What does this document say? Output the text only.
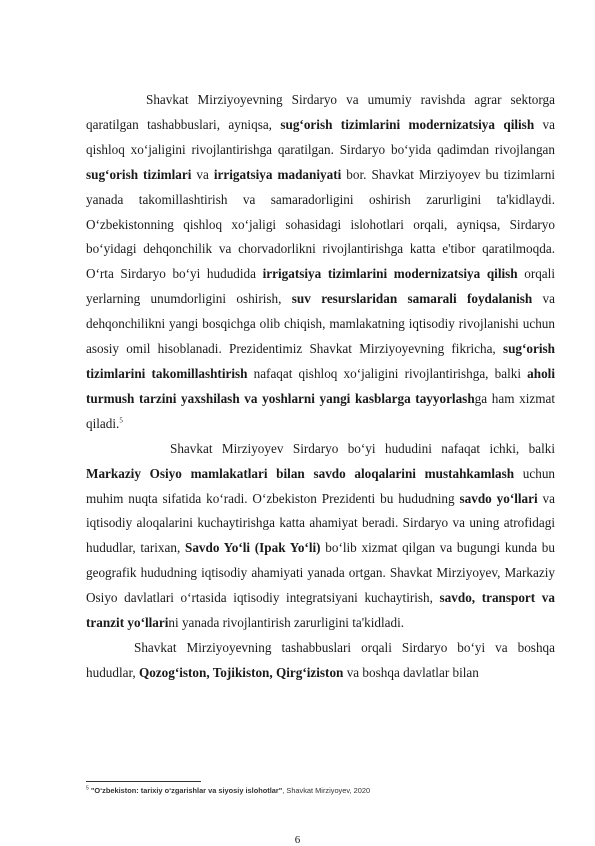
Shavkat Mirziyoyevning Sirdaryo va umumiy ravishda agrar sektorga qaratilgan tashabbuslari, ayniqsa, sug‘orish tizimlarini modernizatsiya qilish va qishloq xo‘jaligini rivojlantirishga qaratilgan. Sirdaryo bo‘yida qadimdan rivojlangan sug‘orish tizimlari va irrigatsiya madaniyati bor. Shavkat Mirziyoyev bu tizimlarni yanada takomillashtirish va samaradorligini oshirish zarurligini ta'kidlaydi. O‘zbekistonning qishloq xo‘jaligi sohasidagi islohotlari orqali, ayniqsa, Sirdaryo bo‘yidagi dehqonchilik va chorvadorlikni rivojlantirishga katta e'tibor qaratilmoqda. O‘rta Sirdaryo bo‘yi hududida irrigatsiya tizimlarini modernizatsiya qilish orqali yerlarning unumdorligini oshirish, suv resurslaridan samarali foydalanish va dehqonchilikni yangi bosqichga olib chiqish, mamlakatning iqtisodiy rivojlanishi uchun asosiy omil hisoblanadi. Prezidentimiz Shavkat Mirziyoyevning fikricha, sug‘orish tizimlarini takomillashtirish nafaqat qishloq xo‘jaligini rivojlantirishga, balki aholi turmush tarzini yaxshilash va yoshlarni yangi kasblarga tayyorlashga ham xizmat qiladi.$^5$

Shavkat Mirziyoyev Sirdaryo bo‘yi hududini nafaqat ichki, balki Markaziy Osiyo mamlakatlari bilan savdo aloqalarini mustahkamlash uchun muhim nuqta sifatida ko‘radi. O‘zbekiston Prezidenti bu hududning savdo yo‘llari va iqtisodiy aloqalarini kuchaytirishga katta ahamiyat beradi. Sirdaryo va uning atrofidagi hududlar, tarixan, Savdo Yo‘li (Ipak Yo‘li) bo‘lib xizmat qilgan va bugungi kunda bu geografik hududning iqtisodiy ahamiyati yanada ortgan. Shavkat Mirziyoyev, Markaziy Osiyo davlatlari o‘rtasida iqtisodiy integratsiyani kuchaytirish, savdo, transport va tranzit yo‘llarini yanada rivojlantirish zarurligini ta'kidladi.

Shavkat Mirziyoyevning tashabbuslari orqali Sirdaryo bo‘yi va boshqa hududlar, Qozog‘iston, Tojikiston, Qirg‘iziston va boshqa davlatlar bilan

$^5$ "O‘zbekiston: tarixiy o‘zgarishlar va siyosiy islohotlar", Shavkat Mirziyoyev, 2020
6
